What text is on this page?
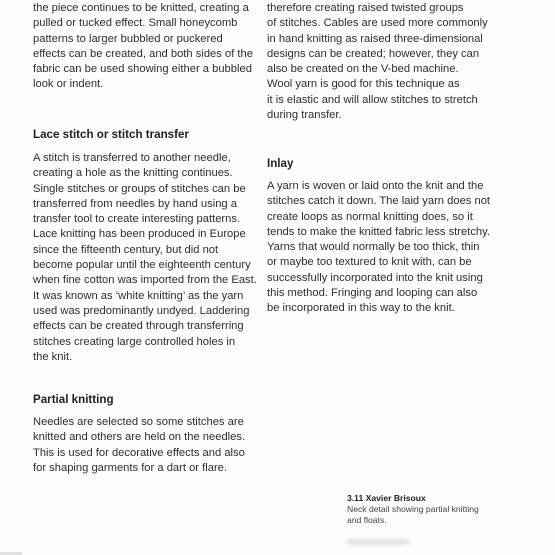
the piece continues to be knitted, creating a
pulled or tucked effect. Small honeycomb
patterns to larger bubbled or puckered
effects can be created, and both sides of the
fabric can be used showing either a bubbled
look or indent.

Lace stitch or stitch transfer

A stitch is transferred to another needle,
creating a hole as the knitting continues.
Single stitches or groups of stitches can be
transferred from needles by hand using a
transfer tool to create interesting patterns.
Lace knitting has been produced in Europe
since the fifteenth century, but did not
become popular until the eighteenth century
when fine cotton was imported from the East.
It was known as ‘white knitting’ as the yarn
used was predominantly undyed. Laddering
effects can be created through transferring
stitches creating large controlled holes in
the knit.

Partial knitting

Needles are selected so some stitches are
knitted and others are held on the needles.
This is used for decorative effects and also
for shaping garments for a dart or flare.

therefore creating raised twisted groups
of stitches. Cables are used more commonly
in hand knitting as raised three-dimensional
designs can be created; however, they can
also be created on the V-bed machine.
Wool yarn is good for this technique as
it is elastic and will allow stitches to stretch
during transfer.

Inlay

A yarn is woven or laid onto the knit and the
stitches catch it down. The laid yarn does not
create loops as normal knitting does, so it
tends to make the knitted fabric less stretchy.
Yarns that would normally be too thick, thin
or maybe too textured to knit with, can be
successfully incorporated into the knit using
this method. Fringing and looping can also
be incorporated in this way to the knit.

3.11 Xavier Brisoux
Neck detail showing partial knitting
and floats.
